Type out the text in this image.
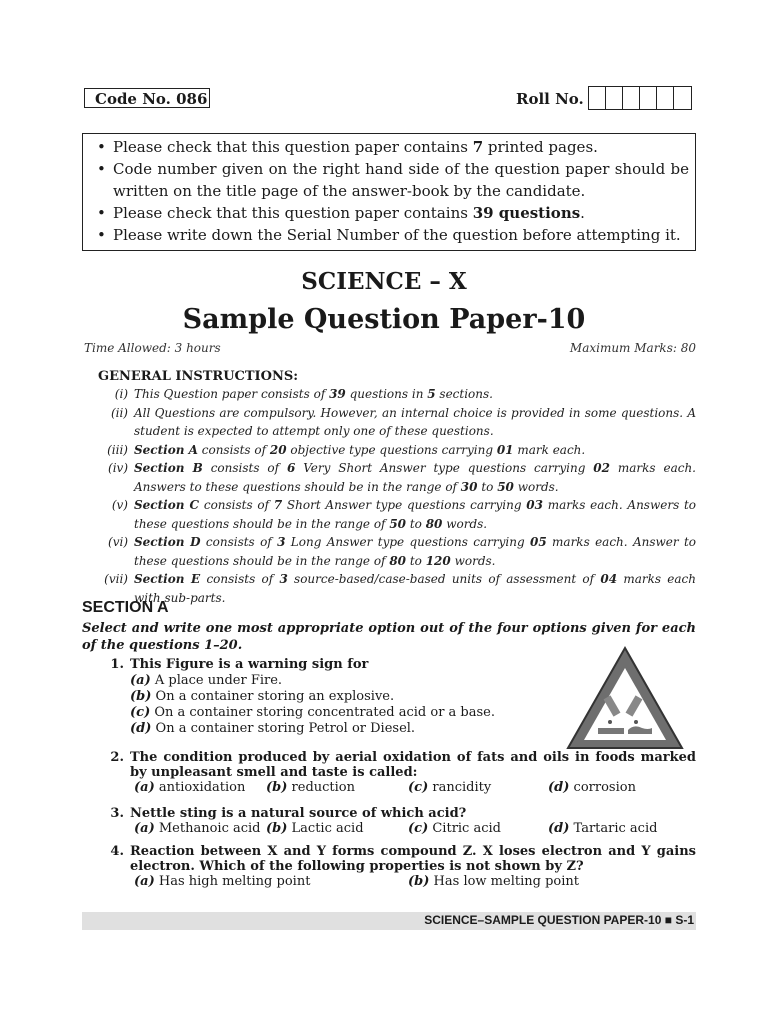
Code No. 086	Roll No.
• Please check that this question paper contains 7 printed pages.
• Code number given on the right hand side of the question paper should be written on the title page of the answer-book by the candidate.
• Please check that this question paper contains 39 questions.
• Please write down the Serial Number of the question before attempting it.
SCIENCE – X
Sample Question Paper-10
Time Allowed: 3 hours	Maximum Marks: 80
GENERAL INSTRUCTIONS:
(i) This Question paper consists of 39 questions in 5 sections.
(ii) All Questions are compulsory. However, an internal choice is provided in some questions. A student is expected to attempt only one of these questions.
(iii) Section A consists of 20 objective type questions carrying 01 mark each.
(iv) Section B consists of 6 Very Short Answer type questions carrying 02 marks each. Answers to these questions should be in the range of 30 to 50 words.
(v) Section C consists of 7 Short Answer type questions carrying 03 marks each. Answers to these questions should be in the range of 50 to 80 words.
(vi) Section D consists of 3 Long Answer type questions carrying 05 marks each. Answer to these questions should be in the range of 80 to 120 words.
(vii) Section E consists of 3 source-based/case-based units of assessment of 04 marks each with sub-parts.
SECTION A
Select and write one most appropriate option out of the four options given for each of the questions 1–20.
1. This Figure is a warning sign for
(a) A place under Fire.
(b) On a container storing an explosive.
(c) On a container storing concentrated acid or a base.
(d) On a container storing Petrol or Diesel.
2. The condition produced by aerial oxidation of fats and oils in foods marked by unpleasant smell and taste is called:
(a) antioxidation (b) reduction	(c) rancidity	(d) corrosion
3. Nettle sting is a natural source of which acid?
(a) Methanoic acid (b) Lactic acid	(c) Citric acid	(d) Tartaric acid
4. Reaction between X and Y forms compound Z. X loses electron and Y gains electron. Which of the following properties is not shown by Z?
(a) Has high melting point	(b) Has low melting point
SCIENCE–SAMPLE QUESTION PAPER-10 ■ S-1
